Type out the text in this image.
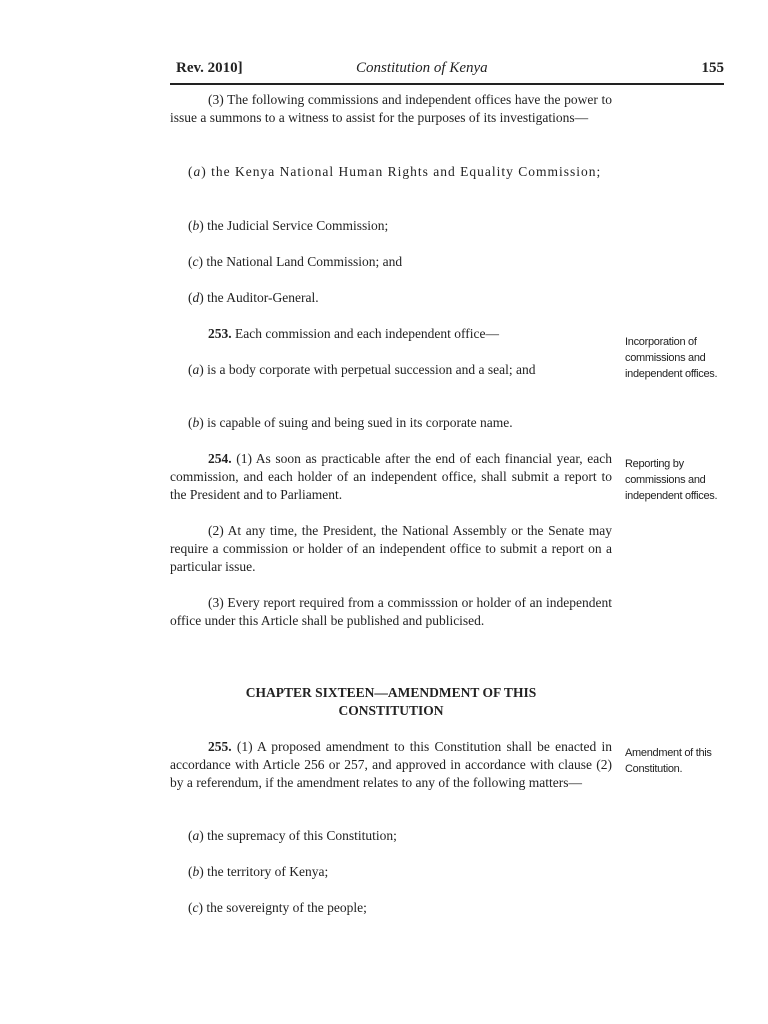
Rev. 2010]	Constitution of Kenya	155
(3) The following commissions and independent offices have the power to issue a summons to a witness to assist for the purposes of its investigations—
(a) the Kenya National Human Rights and Equality Commission;
(b) the Judicial Service Commission;
(c) the National Land Commission; and
(d) the Auditor-General.
253. Each commission and each independent office—
(a) is a body corporate with perpetual succession and a seal; and
(b) is capable of suing and being sued in its corporate name.
254. (1) As soon as practicable after the end of each financial year, each commission, and each holder of an independent office, shall submit a report to the President and to Parliament.
(2) At any time, the President, the National Assembly or the Senate may require a commission or holder of an independent office to submit a report on a particular issue.
(3) Every report required from a commisssion or holder of an independent office under this Article shall be published and publicised.
CHAPTER SIXTEEN—AMENDMENT OF THIS
CONSTITUTION
255. (1) A proposed amendment to this Constitution shall be enacted in accordance with Article 256 or 257, and approved in accordance with clause (2) by a referendum, if the amendment relates to any of the following matters—
(a) the supremacy of this Constitution;
(b) the territory of Kenya;
(c) the sovereignty of the people;
Incorporation of commissions and independent offices.
Reporting by commissions and independent offices.
Amendment of this Constitution.
